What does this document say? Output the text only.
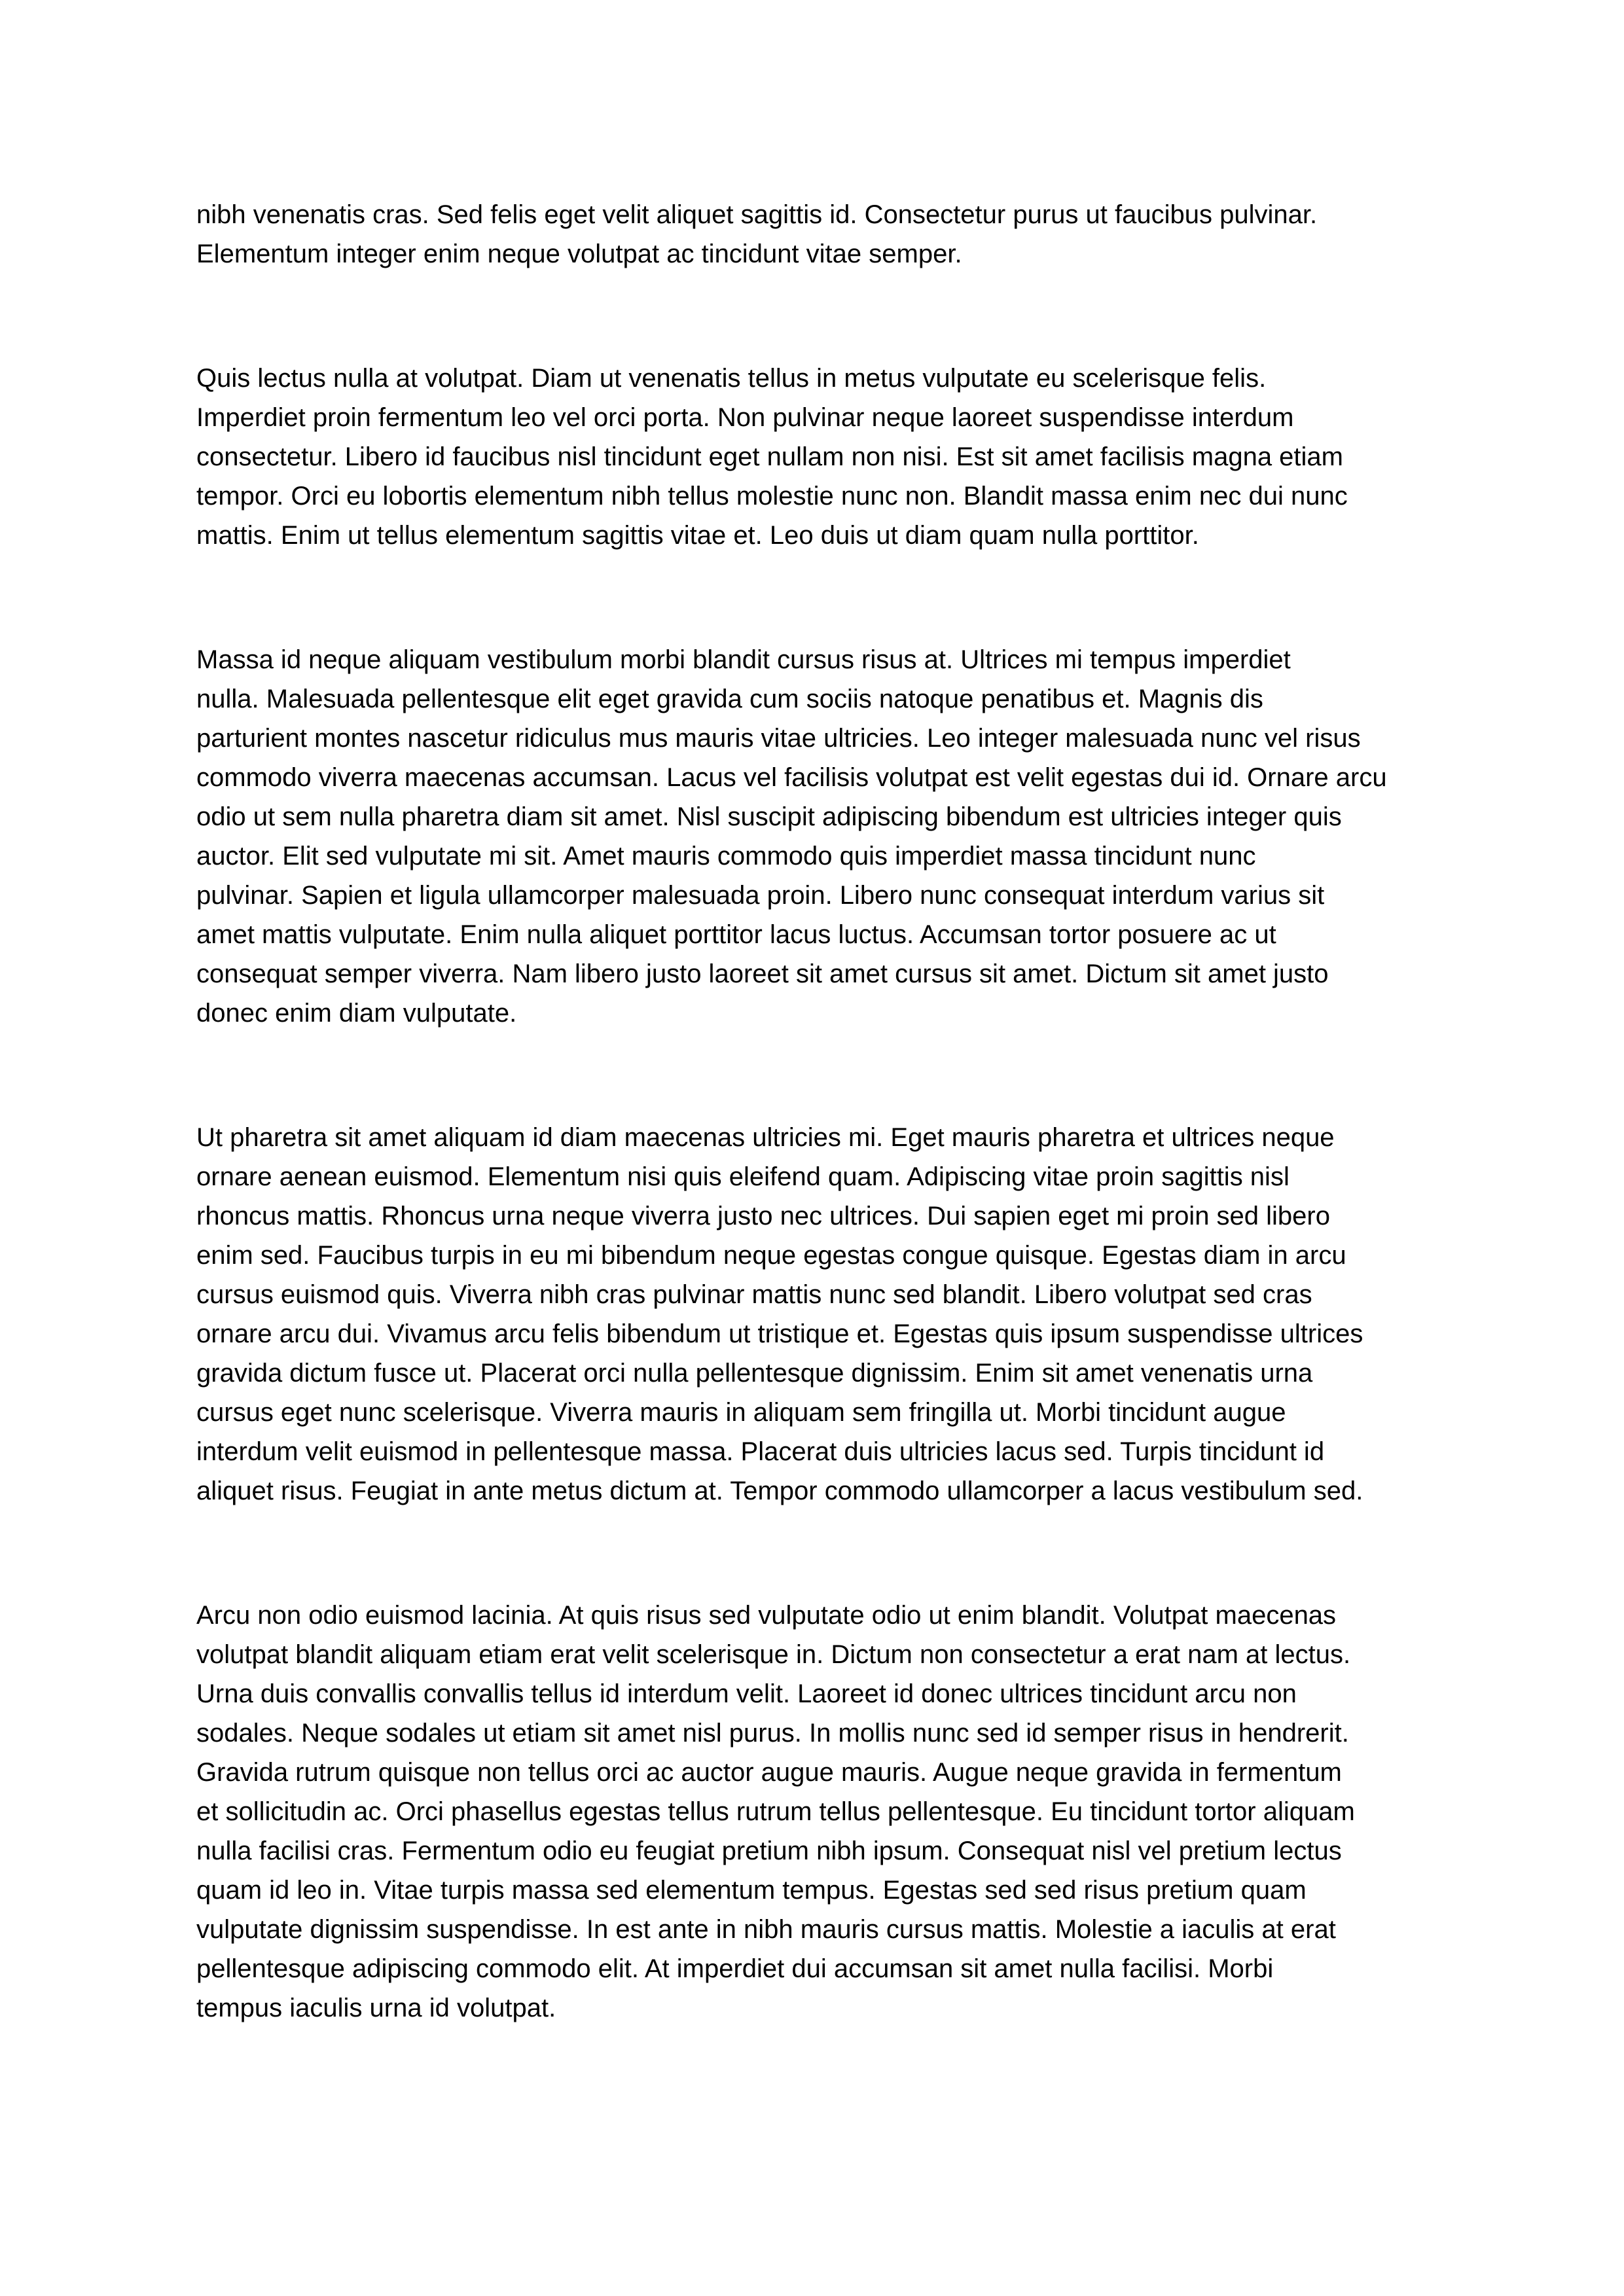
nibh venenatis cras. Sed felis eget velit aliquet sagittis id. Consectetur purus ut faucibus pulvinar.
Elementum integer enim neque volutpat ac tincidunt vitae semper.
Quis lectus nulla at volutpat. Diam ut venenatis tellus in metus vulputate eu scelerisque felis.
Imperdiet proin fermentum leo vel orci porta. Non pulvinar neque laoreet suspendisse interdum
consectetur. Libero id faucibus nisl tincidunt eget nullam non nisi. Est sit amet facilisis magna etiam
tempor. Orci eu lobortis elementum nibh tellus molestie nunc non. Blandit massa enim nec dui nunc
mattis. Enim ut tellus elementum sagittis vitae et. Leo duis ut diam quam nulla porttitor.
Massa id neque aliquam vestibulum morbi blandit cursus risus at. Ultrices mi tempus imperdiet
nulla. Malesuada pellentesque elit eget gravida cum sociis natoque penatibus et. Magnis dis
parturient montes nascetur ridiculus mus mauris vitae ultricies. Leo integer malesuada nunc vel risus
commodo viverra maecenas accumsan. Lacus vel facilisis volutpat est velit egestas dui id. Ornare arcu
odio ut sem nulla pharetra diam sit amet. Nisl suscipit adipiscing bibendum est ultricies integer quis
auctor. Elit sed vulputate mi sit. Amet mauris commodo quis imperdiet massa tincidunt nunc
pulvinar. Sapien et ligula ullamcorper malesuada proin. Libero nunc consequat interdum varius sit
amet mattis vulputate. Enim nulla aliquet porttitor lacus luctus. Accumsan tortor posuere ac ut
consequat semper viverra. Nam libero justo laoreet sit amet cursus sit amet. Dictum sit amet justo
donec enim diam vulputate.
Ut pharetra sit amet aliquam id diam maecenas ultricies mi. Eget mauris pharetra et ultrices neque
ornare aenean euismod. Elementum nisi quis eleifend quam. Adipiscing vitae proin sagittis nisl
rhoncus mattis. Rhoncus urna neque viverra justo nec ultrices. Dui sapien eget mi proin sed libero
enim sed. Faucibus turpis in eu mi bibendum neque egestas congue quisque. Egestas diam in arcu
cursus euismod quis. Viverra nibh cras pulvinar mattis nunc sed blandit. Libero volutpat sed cras
ornare arcu dui. Vivamus arcu felis bibendum ut tristique et. Egestas quis ipsum suspendisse ultrices
gravida dictum fusce ut. Placerat orci nulla pellentesque dignissim. Enim sit amet venenatis urna
cursus eget nunc scelerisque. Viverra mauris in aliquam sem fringilla ut. Morbi tincidunt augue
interdum velit euismod in pellentesque massa. Placerat duis ultricies lacus sed. Turpis tincidunt id
aliquet risus. Feugiat in ante metus dictum at. Tempor commodo ullamcorper a lacus vestibulum sed.
Arcu non odio euismod lacinia. At quis risus sed vulputate odio ut enim blandit. Volutpat maecenas
volutpat blandit aliquam etiam erat velit scelerisque in. Dictum non consectetur a erat nam at lectus.
Urna duis convallis convallis tellus id interdum velit. Laoreet id donec ultrices tincidunt arcu non
sodales. Neque sodales ut etiam sit amet nisl purus. In mollis nunc sed id semper risus in hendrerit.
Gravida rutrum quisque non tellus orci ac auctor augue mauris. Augue neque gravida in fermentum
et sollicitudin ac. Orci phasellus egestas tellus rutrum tellus pellentesque. Eu tincidunt tortor aliquam
nulla facilisi cras. Fermentum odio eu feugiat pretium nibh ipsum. Consequat nisl vel pretium lectus
quam id leo in. Vitae turpis massa sed elementum tempus. Egestas sed sed risus pretium quam
vulputate dignissim suspendisse. In est ante in nibh mauris cursus mattis. Molestie a iaculis at erat
pellentesque adipiscing commodo elit. At imperdiet dui accumsan sit amet nulla facilisi. Morbi
tempus iaculis urna id volutpat.
